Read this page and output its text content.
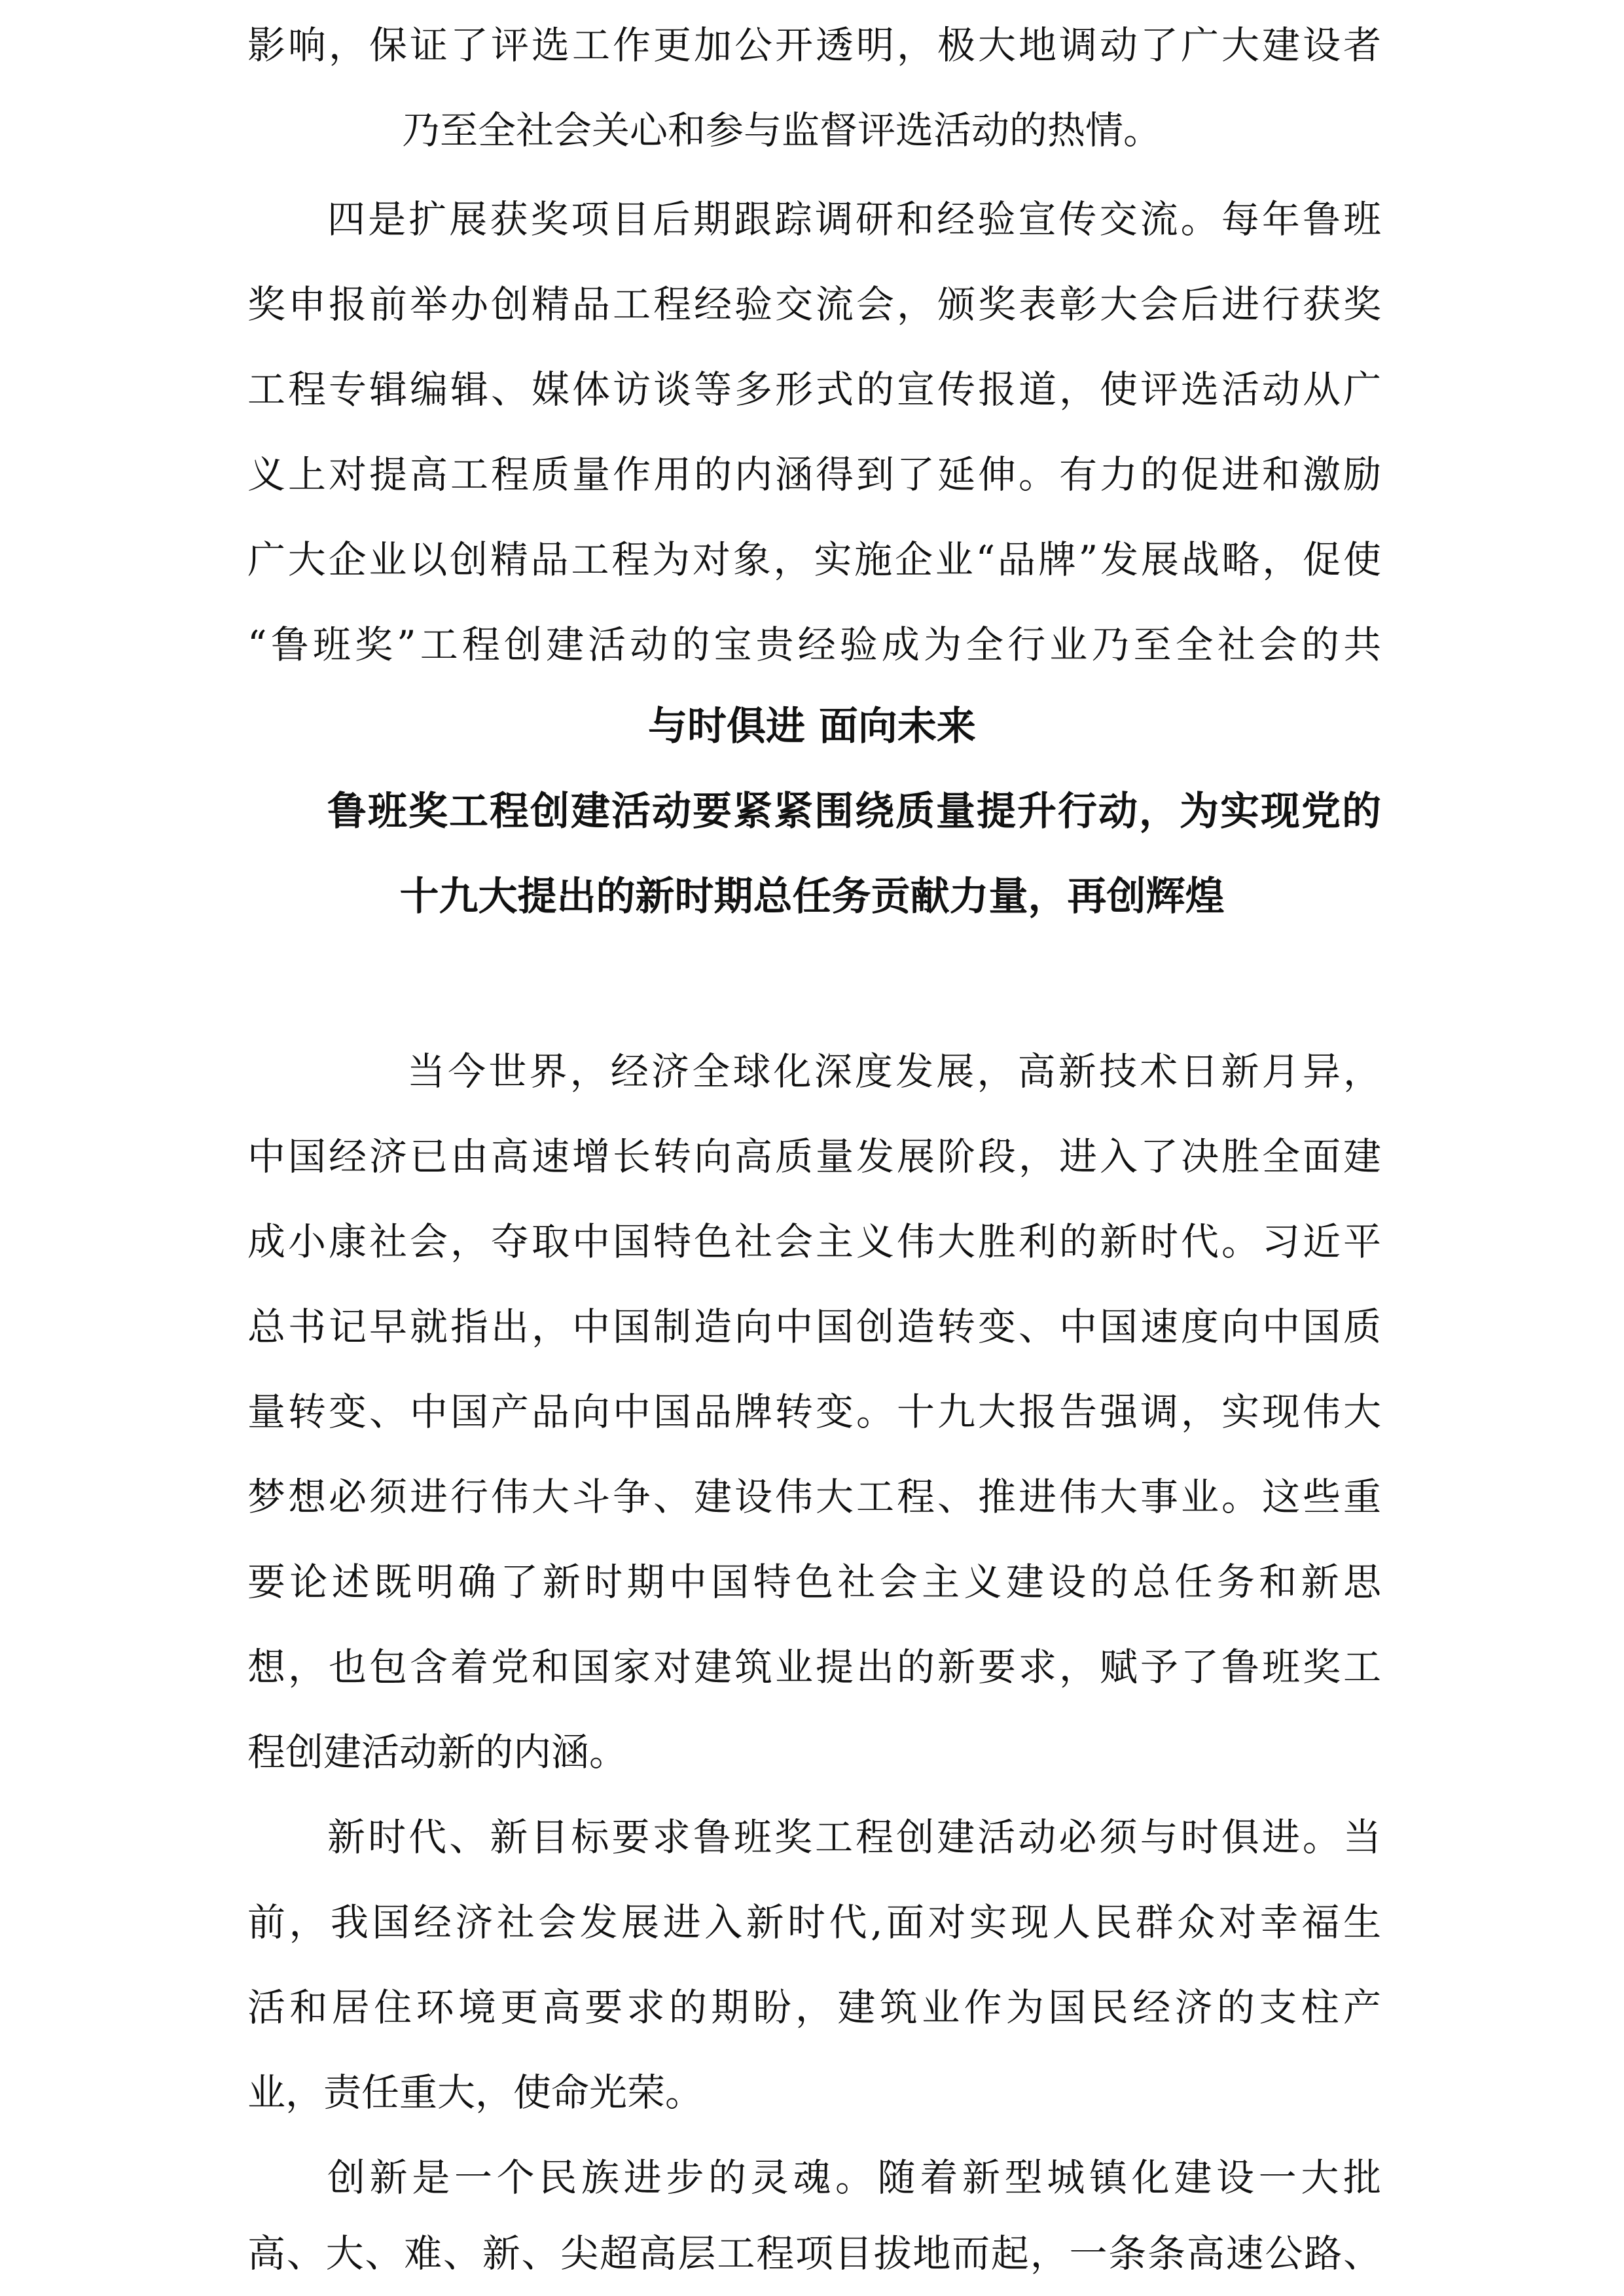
影响，保证了评选工作更加公开透明，极大地调动了广大建设者
乃至全社会关心和参与监督评选活动的热情。
四是扩展获奖项目后期跟踪调研和经验宣传交流。每年鲁班
奖申报前举办创精品工程经验交流会，颁奖表彰大会后进行获奖
工程专辑编辑、媒体访谈等多形式的宣传报道，使评选活动从广
义上对提高工程质量作用的内涵得到了延伸。有力的促进和激励
广大企业以创精品工程为对象，实施企业“品牌”发展战略，促使
“鲁班奖”工程创建活动的宝贵经验成为全行业乃至全社会的共
与时俱进 面向未来
鲁班奖工程创建活动要紧紧围绕质量提升行动，为实现党的
十九大提出的新时期总任务贡献力量，再创辉煌
当今世界，经济全球化深度发展，高新技术日新月异，
中国经济已由高速增长转向高质量发展阶段，进入了决胜全面建
成小康社会，夺取中国特色社会主义伟大胜利的新时代。习近平
总书记早就指出，中国制造向中国创造转变、中国速度向中国质
量转变、中国产品向中国品牌转变。十九大报告强调，实现伟大
梦想必须进行伟大斗争、建设伟大工程、推进伟大事业。这些重
要论述既明确了新时期中国特色社会主义建设的总任务和新思
想，也包含着党和国家对建筑业提出的新要求，赋予了鲁班奖工
程创建活动新的内涵。
新时代、新目标要求鲁班奖工程创建活动必须与时俱进。当
前，我国经济社会发展进入新时代,面对实现人民群众对幸福生
活和居住环境更高要求的期盼，建筑业作为国民经济的支柱产
业，责任重大，使命光荣。
创新是一个民族进步的灵魂。随着新型城镇化建设一大批
高、大、难、新、尖超高层工程项目拔地而起，一条条高速公路、
